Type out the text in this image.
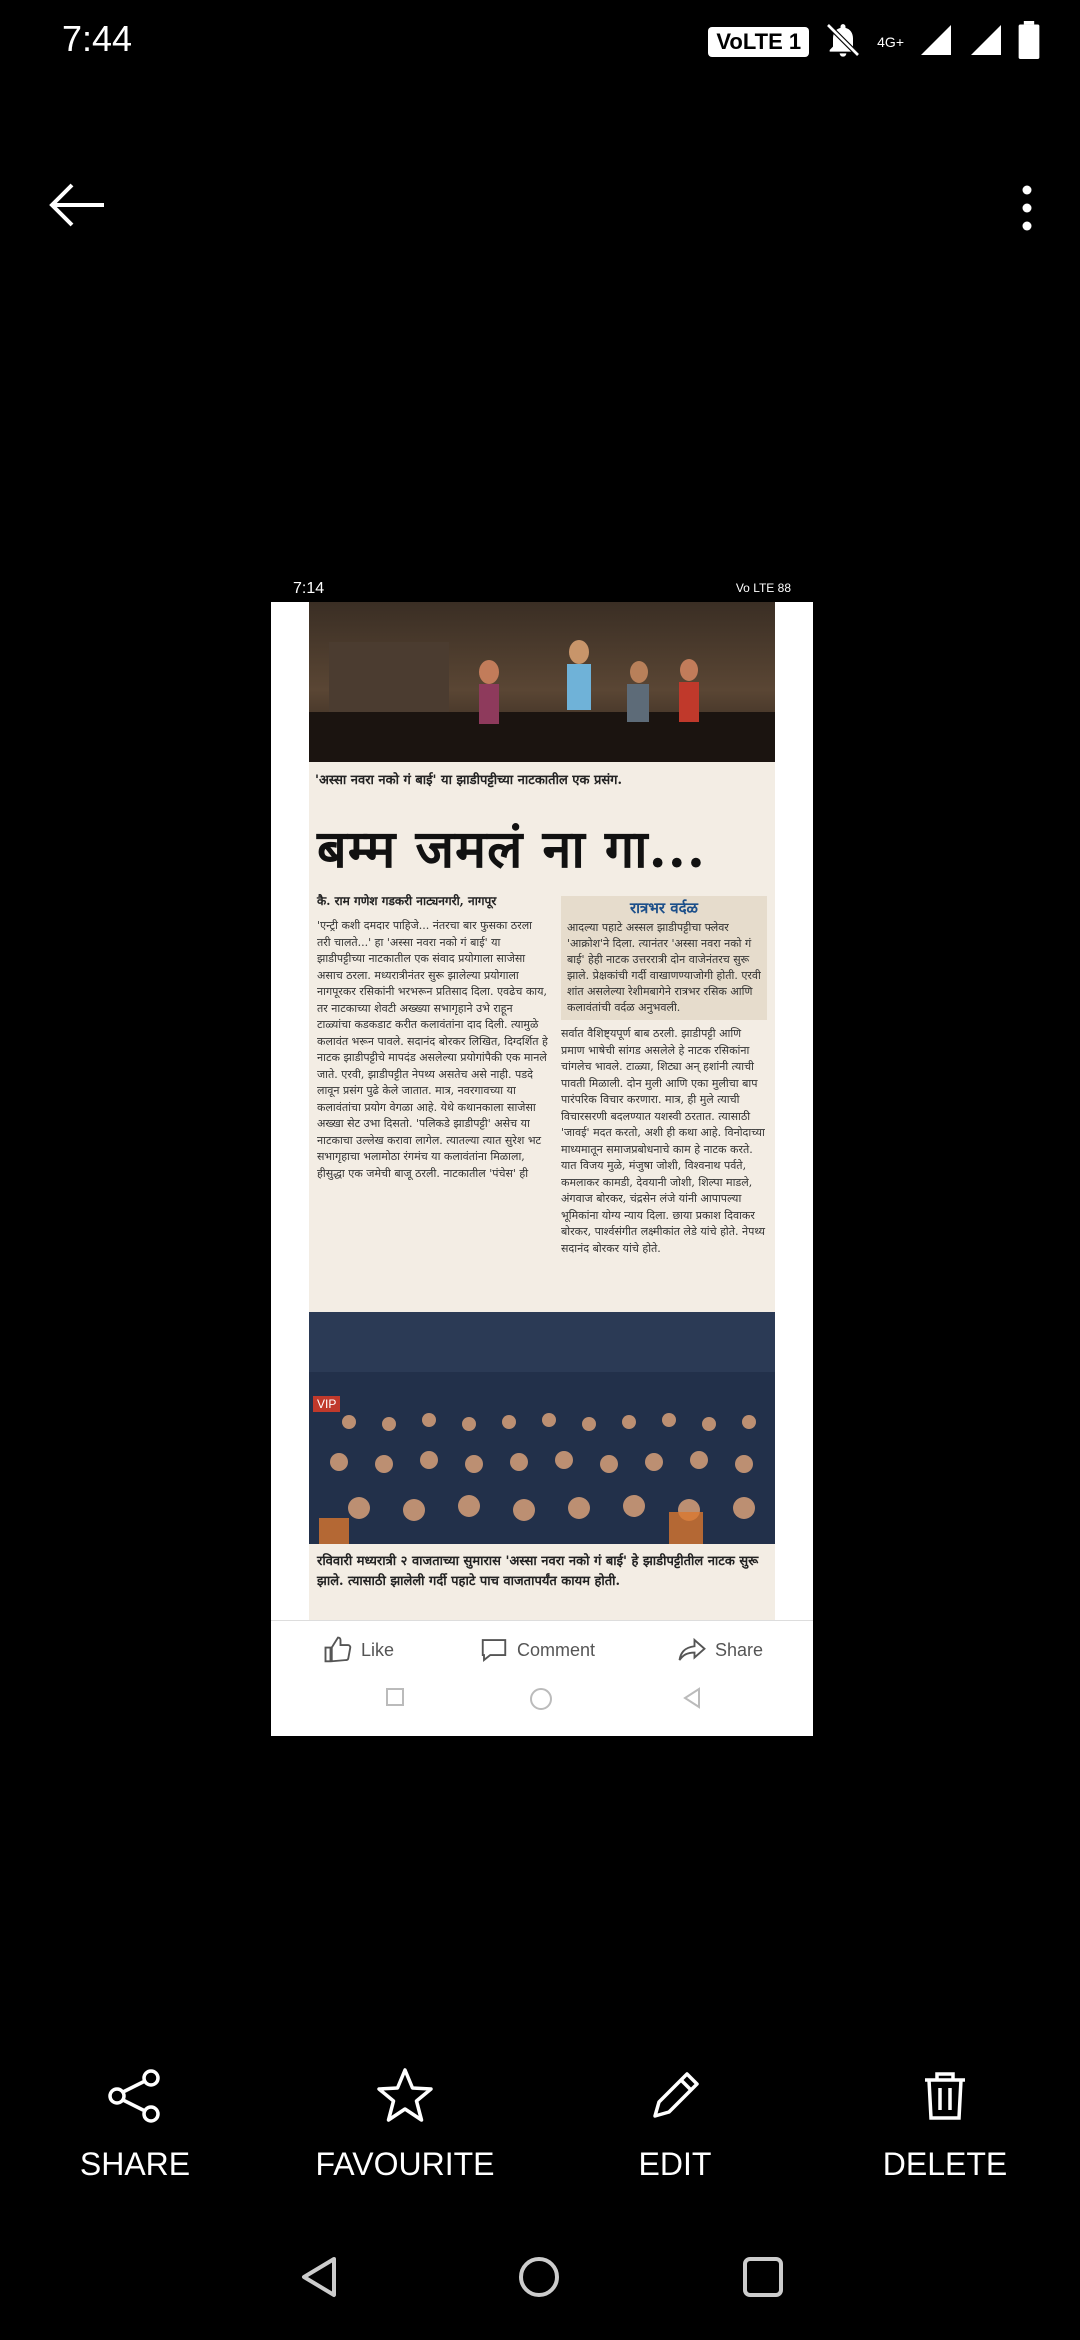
7:44	VoLTE 1	4G+
7:14	Vo LTE 88
'अस्सा नवरा नको गं बाई' या झाडीपट्टीच्या नाटकातील एक प्रसंग.
बम्म जमलं ना गा...
कै. राम गणेश गडकरी नाट्यनगरी, नागपूर
'एन्ट्री कशी दमदार पाहिजे... नंतरचा बार फुसका ठरला तरी चालते...' हा 'अस्सा नवरा नको गं बाई' या झाडीपट्टीच्या नाटकातील एक संवाद प्रयोगाला साजेसा असाच ठरला. मध्यरात्रीनंतर सुरू झालेल्या प्रयोगाला नागपूरकर रसिकांनी भरभरून प्रतिसाद दिला. एवढेच काय, तर नाटकाच्या शेवटी अख्ख्या सभागृहाने उभे राहून टाळ्यांचा कडकडाट करीत कलावंतांना दाद दिली. त्यामुळे कलावंत भरून पावले. सदानंद बोरकर लिखित, दिग्दर्शित हे नाटक झाडीपट्टीचे मापदंड असलेल्या प्रयोगांपैकी एक मानले जाते. एरवी, झाडीपट्टीत नेपथ्य असतेच असे नाही. पडदे लावून प्रसंग पुढे केले जातात. मात्र, नवरगावच्या या कलावंतांचा प्रयोग वेगळा आहे. येथे कथानकाला साजेसा अख्खा सेट उभा दिसतो. 'पलिकडे झाडीपट्टी' असेच या नाटकाचा उल्लेख करावा लागेल. त्यातल्या त्यात सुरेश भट सभागृहाचा भलामोठा रंगमंच या कलावंतांना मिळाला, हीसुद्धा एक जमेची बाजू ठरली. नाटकातील 'पंचेस' ही
रात्रभर वर्दळ
आदल्या पहाटे अस्सल झाडीपट्टीचा फ्लेवर 'आक्रोश'ने दिला. त्यानंतर 'अस्सा नवरा नको गं बाई' हेही नाटक उत्तररात्री दोन वाजेनंतरच सुरू झाले. प्रेक्षकांची गर्दी वाखाणण्याजोगी होती. एरवी शांत असलेल्या रेशीमबागेने रात्रभर रसिक आणि कलावंतांची वर्दळ अनुभवली.
सर्वात वैशिष्ट्यपूर्ण बाब ठरली. झाडीपट्टी आणि प्रमाण भाषेची सांगड असलेले हे नाटक रसिकांना चांगलेच भावले. टाळ्या, शिट्या अन् हशांनी त्याची पावती मिळाली. दोन मुली आणि एका मुलीचा बाप पारंपरिक विचार करणारा. मात्र, ही मुले त्याची विचारसरणी बदलण्यात यशस्वी ठरतात. त्यासाठी 'जावई' मदत करतो, अशी ही कथा आहे. विनोदाच्या माध्यमातून समाजप्रबोधनाचे काम हे नाटक करते. यात विजय मुळे, मंजुषा जोशी, विश्वनाथ पर्वते, कमलाकर कामडी, देवयानी जोशी, शिल्पा माडले, अंगवाज बोरकर, चंद्रसेन लंजे यांनी आपापल्या भूमिकांना योग्य न्याय दिला. छाया प्रकाश दिवाकर बोरकर, पार्श्वसंगीत लक्ष्मीकांत लेडे यांचे होते. नेपथ्य सदानंद बोरकर यांचे होते.
VIP
रविवारी मध्यरात्री २ वाजताच्या सुमारास 'अस्सा नवरा नको गं बाई' हे झाडीपट्टीतील नाटक सुरू झाले. त्यासाठी झालेली गर्दी पहाटे पाच वाजतापर्यंत कायम होती.
Like	Comment	Share
SHARE	FAVOURITE	EDIT	DELETE
